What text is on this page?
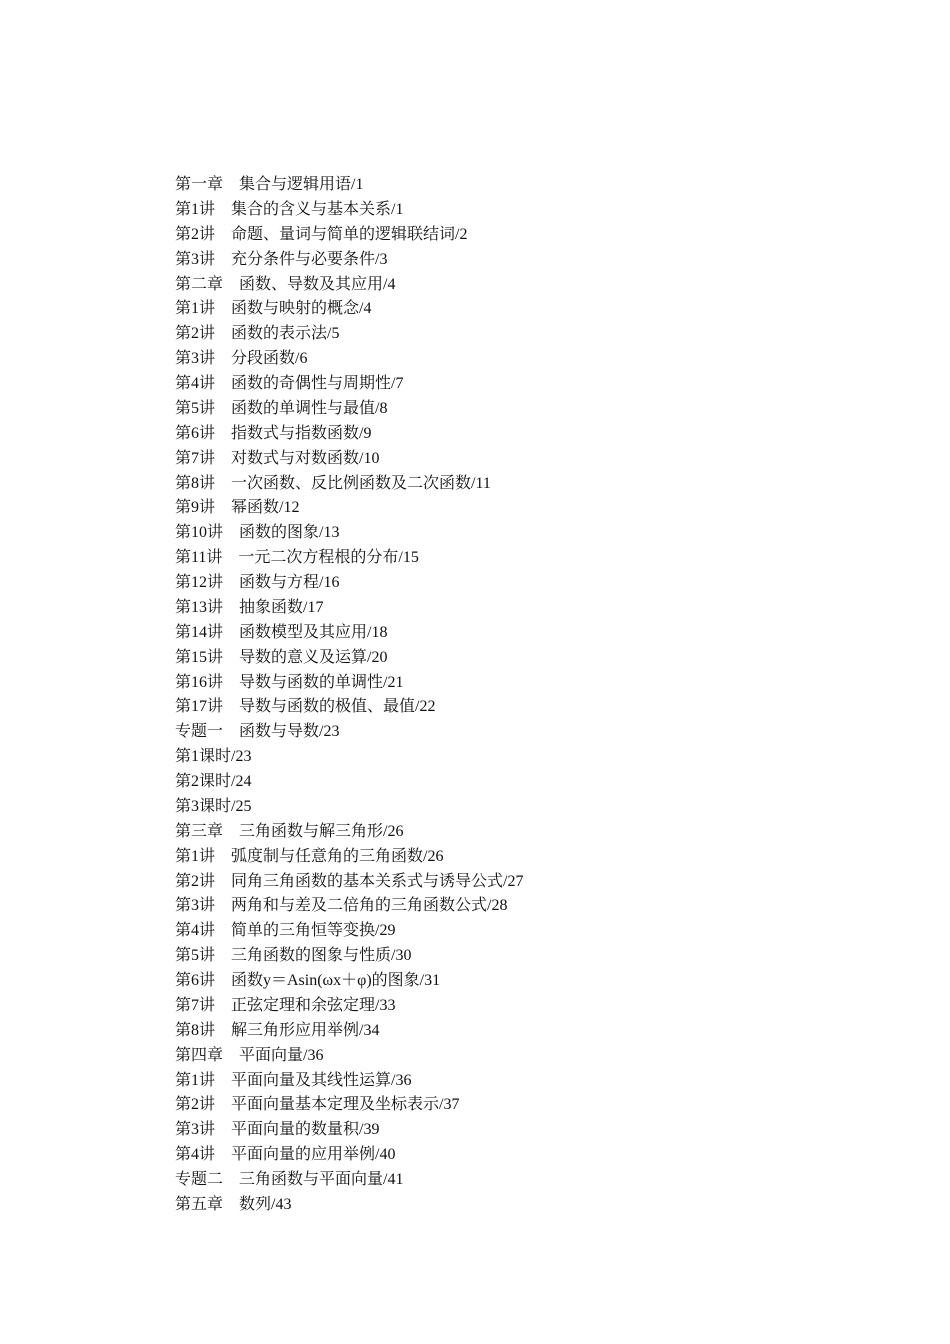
第一章　集合与逻辑用语/1
第1讲　集合的含义与基本关系/1
第2讲　命题、量词与简单的逻辑联结词/2
第3讲　充分条件与必要条件/3
第二章　函数、导数及其应用/4
第1讲　函数与映射的概念/4
第2讲　函数的表示法/5
第3讲　分段函数/6
第4讲　函数的奇偶性与周期性/7
第5讲　函数的单调性与最值/8
第6讲　指数式与指数函数/9
第7讲　对数式与对数函数/10
第8讲　一次函数、反比例函数及二次函数/11
第9讲　幂函数/12
第10讲　函数的图象/13
第11讲　一元二次方程根的分布/15
第12讲　函数与方程/16
第13讲　抽象函数/17
第14讲　函数模型及其应用/18
第15讲　导数的意义及运算/20
第16讲　导数与函数的单调性/21
第17讲　导数与函数的极值、最值/22
专题一　函数与导数/23
第1课时/23
第2课时/24
第3课时/25
第三章　三角函数与解三角形/26
第1讲　弧度制与任意角的三角函数/26
第2讲　同角三角函数的基本关系式与诱导公式/27
第3讲　两角和与差及二倍角的三角函数公式/28
第4讲　简单的三角恒等变换/29
第5讲　三角函数的图象与性质/30
第6讲　函数y＝Asin(ωx＋φ)的图象/31
第7讲　正弦定理和余弦定理/33
第8讲　解三角形应用举例/34
第四章　平面向量/36
第1讲　平面向量及其线性运算/36
第2讲　平面向量基本定理及坐标表示/37
第3讲　平面向量的数量积/39
第4讲　平面向量的应用举例/40
专题二　三角函数与平面向量/41
第五章　数列/43
